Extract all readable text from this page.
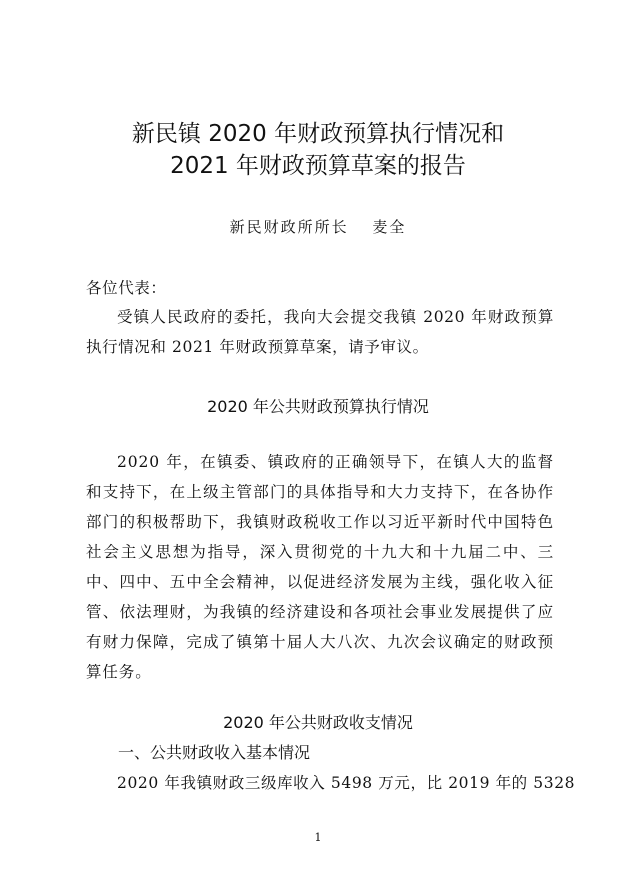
新民镇 2020 年财政预算执行情况和
2021 年财政预算草案的报告
新民财政所所长　 麦全

各位代表：

受镇人民政府的委托，我向大会提交我镇 2020 年财政预算执行情况和 2021 年财政预算草案，请予审议。

2020 年公共财政预算执行情况

2020 年，在镇委、镇政府的正确领导下，在镇人大的监督和支持下，在上级主管部门的具体指导和大力支持下，在各协作部门的积极帮助下，我镇财政税收工作以习近平新时代中国特色社会主义思想为指导，深入贯彻党的十九大和十九届二中、三中、四中、五中全会精神，以促进经济发展为主线，强化收入征管、依法理财，为我镇的经济建设和各项社会事业发展提供了应有财力保障，完成了镇第十届人大八次、九次会议确定的财政预算任务。

2020 年公共财政收支情况
一、公共财政收入基本情况

2020 年我镇财政三级库收入 5498 万元，比 2019 年的 5328

1
